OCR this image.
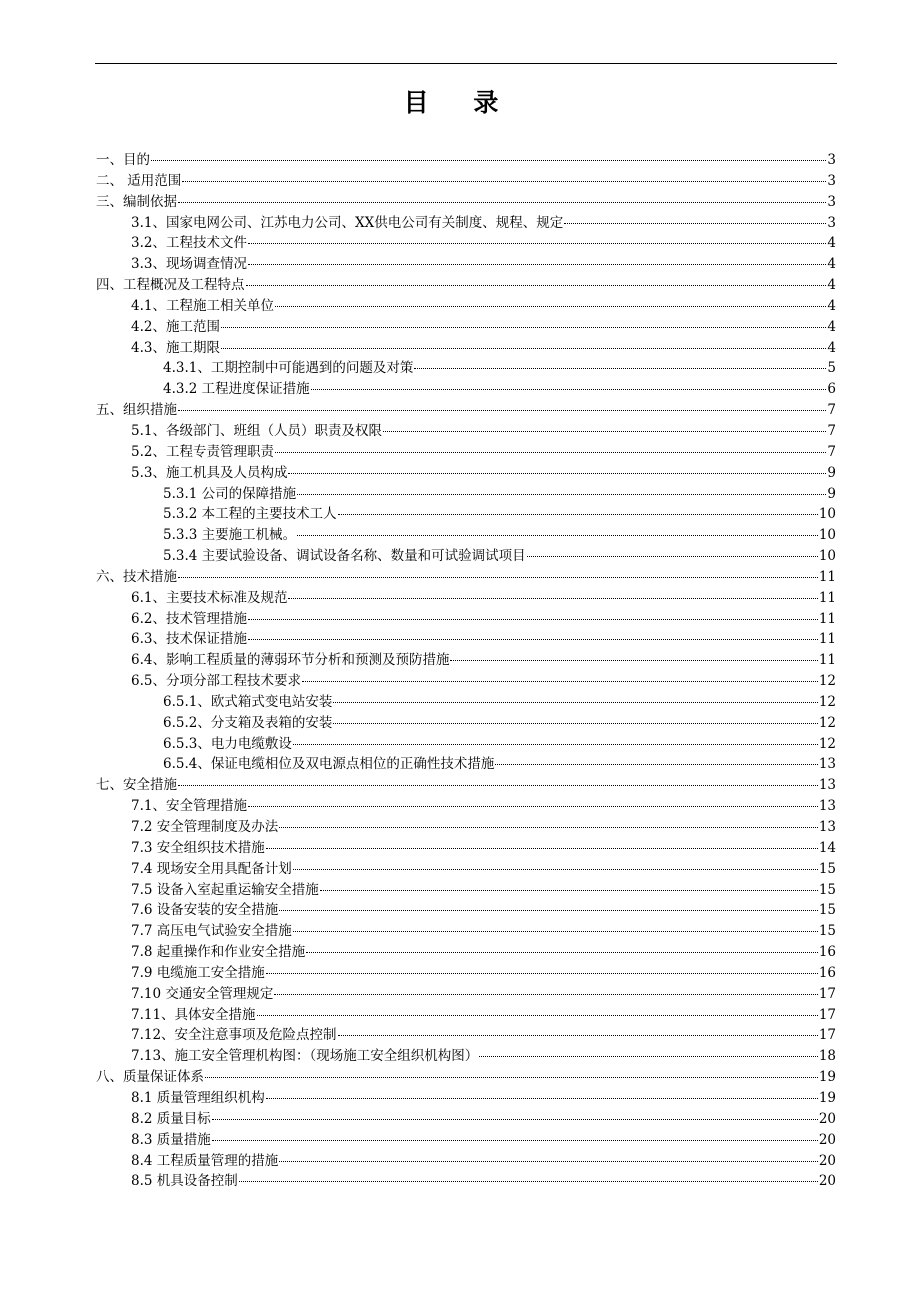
目 录
一、目的	3
二、 适用范围	3
三、编制依据	3
3.1、国家电网公司、江苏电力公司、XX供电公司有关制度、规程、规定	3
3.2、工程技术文件	4
3.3、现场调查情况	4
四、工程概况及工程特点	4
4.1、工程施工相关单位	4
4.2、施工范围	4
4.3、施工期限	4
4.3.1、工期控制中可能遇到的问题及对策	5
4.3.2 工程进度保证措施	6
五、组织措施	7
5.1、各级部门、班组（人员）职责及权限	7
5.2、工程专责管理职责	7
5.3、施工机具及人员构成	9
5.3.1 公司的保障措施	9
5.3.2 本工程的主要技术工人	10
5.3.3 主要施工机械。	10
5.3.4 主要试验设备、调试设备名称、数量和可试验调试项目	10
六、技术措施	11
6.1、主要技术标准及规范	11
6.2、技术管理措施	11
6.3、技术保证措施	11
6.4、影响工程质量的薄弱环节分析和预测及预防措施	11
6.5、分项分部工程技术要求	12
6.5.1、欧式箱式变电站安装	12
6.5.2、分支箱及表箱的安装	12
6.5.3、电力电缆敷设	12
6.5.4、保证电缆相位及双电源点相位的正确性技术措施	13
七、安全措施	13
7.1、安全管理措施	13
7.2 安全管理制度及办法	13
7.3 安全组织技术措施	14
7.4 现场安全用具配备计划	15
7.5 设备入室起重运输安全措施	15
7.6 设备安装的安全措施	15
7.7 高压电气试验安全措施	15
7.8 起重操作和作业安全措施	16
7.9 电缆施工安全措施	16
7.10 交通安全管理规定	17
7.11、具体安全措施	17
7.12、安全注意事项及危险点控制	17
7.13、施工安全管理机构图：（现场施工安全组织机构图）	18
八、质量保证体系	19
8.1 质量管理组织机构	19
8.2 质量目标	20
8.3 质量措施	20
8.4 工程质量管理的措施	20
8.5 机具设备控制	20
